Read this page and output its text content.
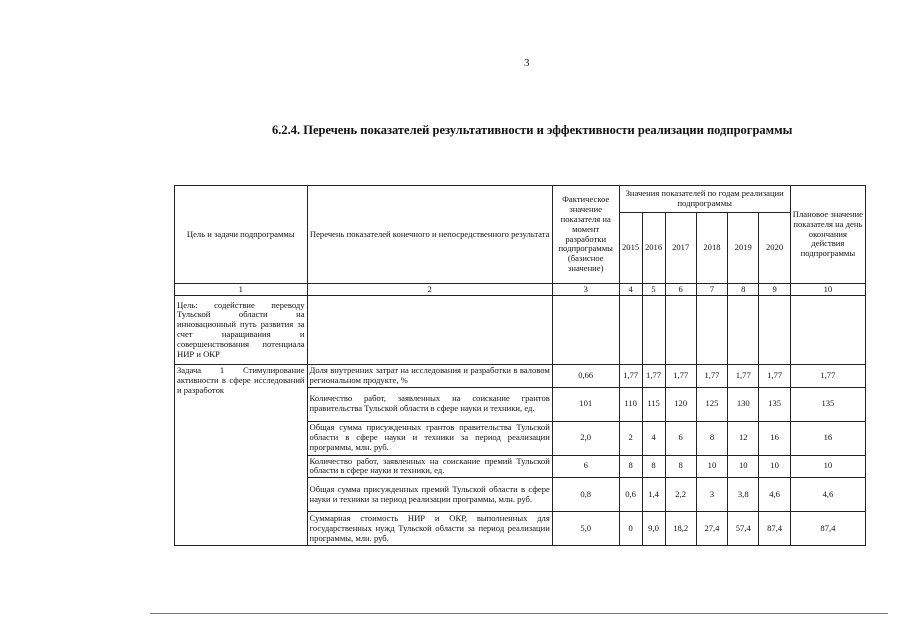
3
6.2.4. Перечень показателей результативности и эффективности реализации подпрограммы
Цель и задачи подпрограммы	Перечень показателей конечного и непосредственного результата	Фактическое значение показателя на момент разработки подпрограммы (базисное значение)	Значения показателей по годам реализации подпрограммы						Плановое значение показателя на день окончания действия подпрограммы
			2015	2016	2017	2018	2019	2020	
1	2	3	4	5	6	7	8	9	10
Цель: содействие переводу Тульской области на инновационный путь развития за счет наращивания и совершенствования потенциала НИР и ОКР									
Задача 1 Стимулирование активности в сфере исследований и разработок	Доля внутренних затрат на исследования и разработки в валовом региональном продукте, %	0,66	1,77	1,77	1,77	1,77	1,77	1,77	1,77
	Количество работ, заявленных на соискание грантов правительства Тульской области в сфере науки и техники, ед.	101	110	115	120	125	130	135	135
	Общая сумма присужденных грантов правительства Тульской области в сфере науки и техники за период реализации программы, млн. руб.	2,0	2	4	6	8	12	16	16
	Количество работ, заявленных на соискание премий Тульской области в сфере науки и техники, ед.	6	8	8	8	10	10	10	10
	Общая сумма присужденных премий Тульской области в сфере науки и техники за период реализации программы, млн. руб.	0,8	0,6	1,4	2,2	3	3,8	4,6	4,6
	Суммарная стоимость НИР и ОКР, выполненных для государственных нужд Тульской области за период реализации программы, млн. руб.	5,0	0	9,0	18,2	27,4	57,4	87,4	87,4
